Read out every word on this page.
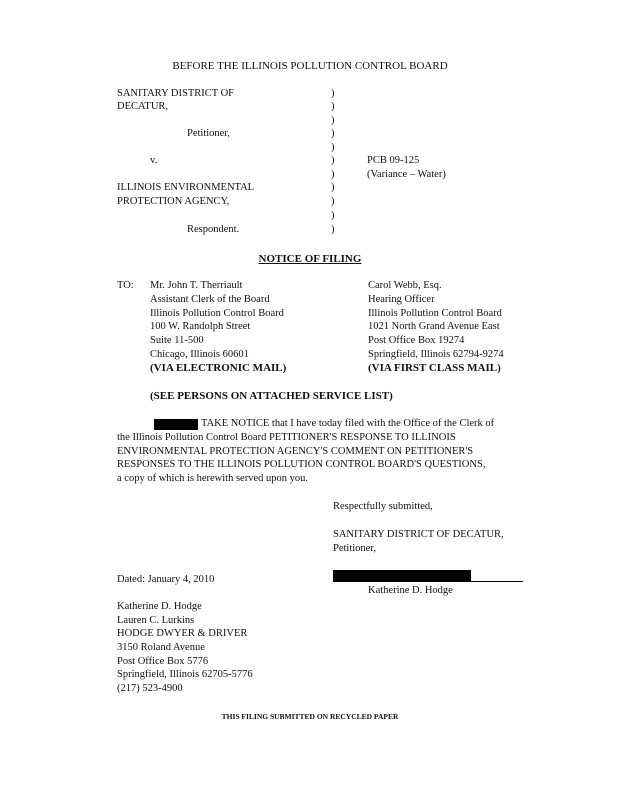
BEFORE THE ILLINOIS POLLUTION CONTROL BOARD
SANITARY DISTRICT OF
DECATUR,
Petitioner,
v.
ILLINOIS ENVIRONMENTAL
PROTECTION AGENCY,
Respondent.
)
)
)
)
)
)
)
)
)
)
)
PCB 09-125
(Variance – Water)
NOTICE OF FILING
TO: Mr. John T. Therriault
Assistant Clerk of the Board
Illinois Pollution Control Board
100 W. Randolph Street
Suite 11-500
Chicago, Illinois 60601
(VIA ELECTRONIC MAIL)
Carol Webb, Esq.
Hearing Officer
Illinois Pollution Control Board
1021 North Grand Avenue East
Post Office Box 19274
Springfield, Illinois 62794-9274
(VIA FIRST CLASS MAIL)
(SEE PERSONS ON ATTACHED SERVICE LIST)
TAKE NOTICE that I have today filed with the Office of the Clerk of
the Illinois Pollution Control Board PETITIONER'S RESPONSE TO ILLINOIS
ENVIRONMENTAL PROTECTION AGENCY'S COMMENT ON PETITIONER'S
RESPONSES TO THE ILLINOIS POLLUTION CONTROL BOARD'S QUESTIONS,
a copy of which is herewith served upon you.
Respectfully submitted,
SANITARY DISTRICT OF DECATUR,
Petitioner,
Dated: January 4, 2010
Katherine D. Hodge
Katherine D. Hodge
Lauren C. Lurkins
HODGE DWYER & DRIVER
3150 Roland Avenue
Post Office Box 5776
Springfield, Illinois 62705-5776
(217) 523-4900
THIS FILING SUBMITTED ON RECYCLED PAPER
